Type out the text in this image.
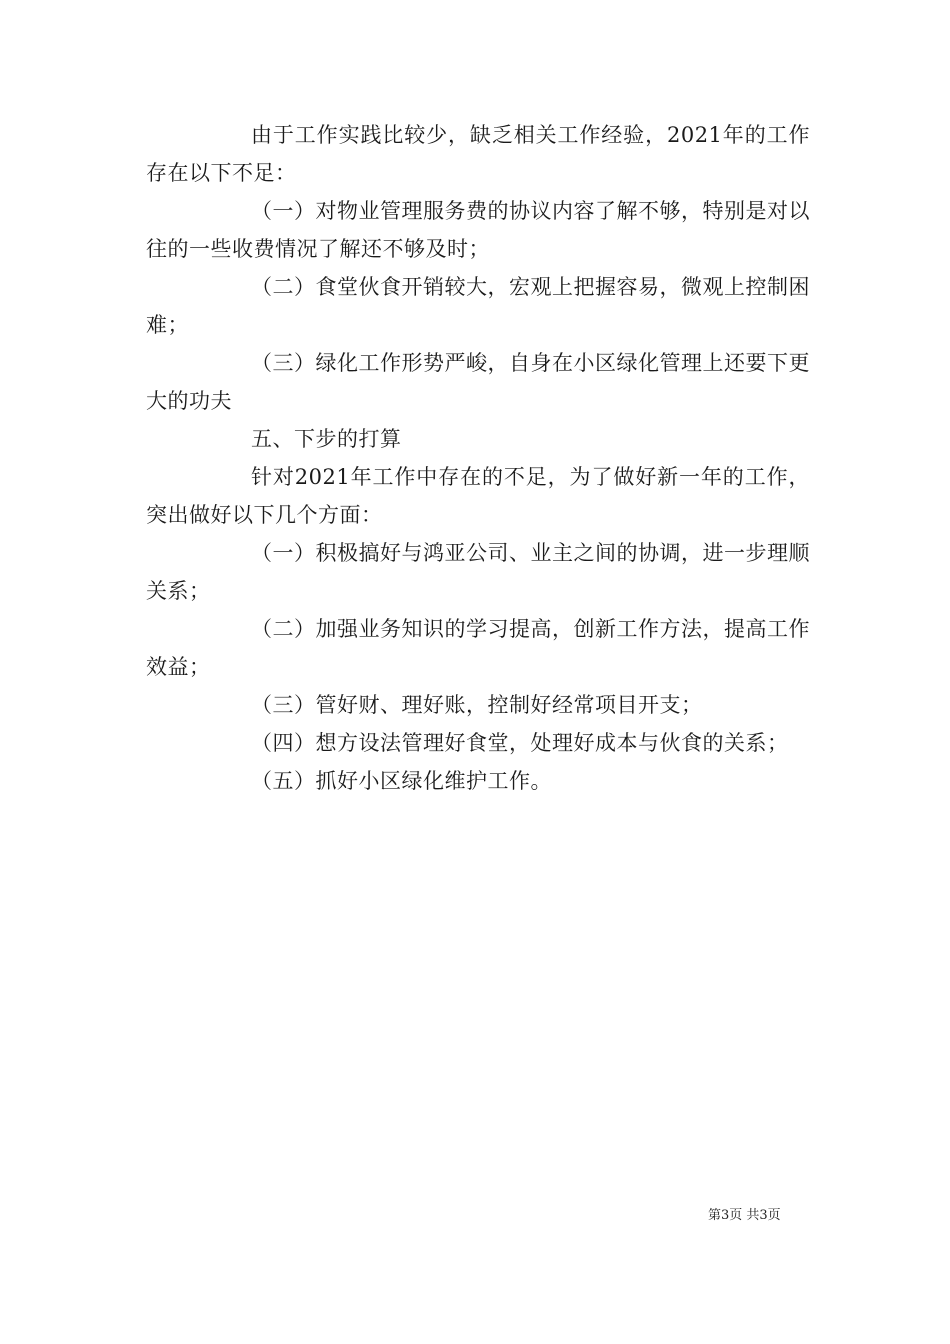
由于工作实践比较少，缺乏相关工作经验，2021年的工作存在以下不足：

（一）对物业管理服务费的协议内容了解不够，特别是对以往的一些收费情况了解还不够及时；

（二）食堂伙食开销较大，宏观上把握容易，微观上控制困难；

（三）绿化工作形势严峻，自身在小区绿化管理上还要下更大的功夫

五、下步的打算

针对2021年工作中存在的不足，为了做好新一年的工作，突出做好以下几个方面：

（一）积极搞好与鸿亚公司、业主之间的协调，进一步理顺关系；

（二）加强业务知识的学习提高，创新工作方法，提高工作效益；

（三）管好财、理好账，控制好经常项目开支；

（四）想方设法管理好食堂，处理好成本与伙食的关系；

（五）抓好小区绿化维护工作。

第3页 共3页
